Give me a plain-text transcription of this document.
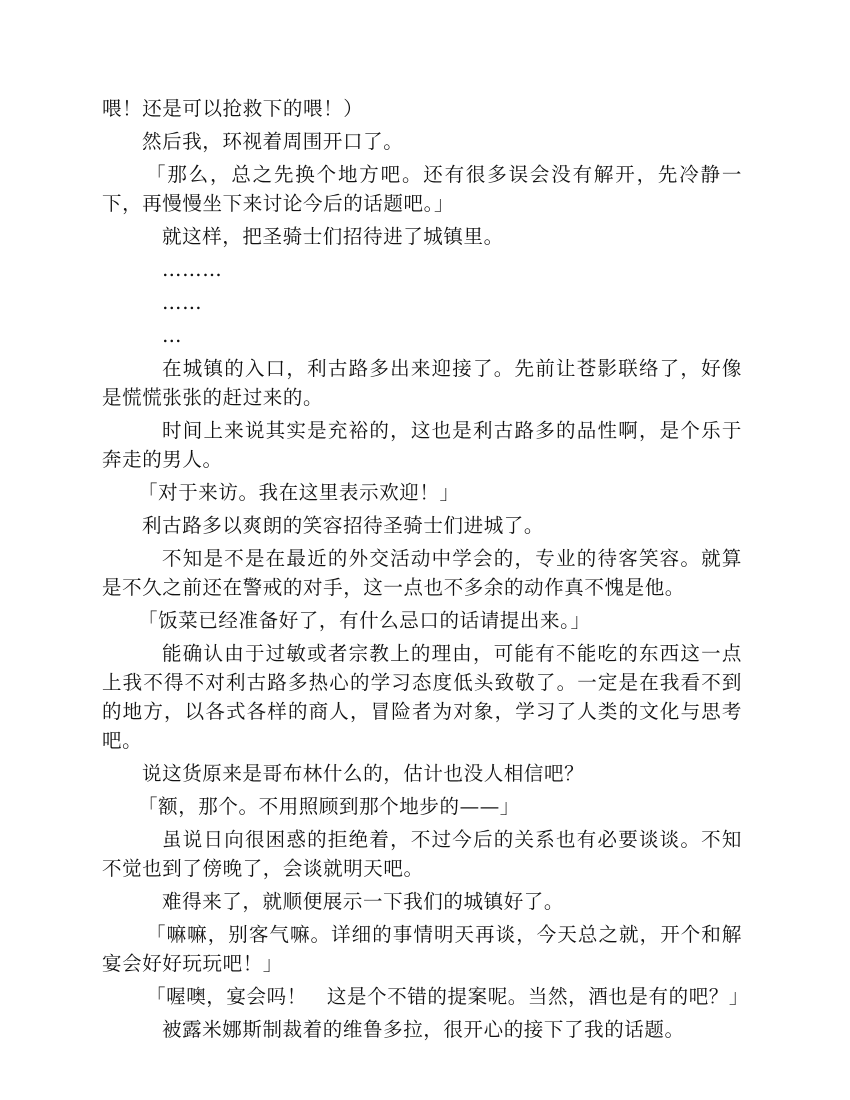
喂！还是可以抢救下的喂！）

然后我，环视着周围开口了。

「那么，总之先换个地方吧。还有很多误会没有解开，先冷静一下，再慢慢坐下来讨论今后的话题吧。」

就这样，把圣骑士们招待进了城镇里。

………

……

…

在城镇的入口，利古路多出来迎接了。先前让苍影联络了，好像是慌慌张张的赶过来的。

时间上来说其实是充裕的，这也是利古路多的品性啊，是个乐于奔走的男人。

「对于来访。我在这里表示欢迎！」

利古路多以爽朗的笑容招待圣骑士们进城了。

不知是不是在最近的外交活动中学会的，专业的待客笑容。就算是不久之前还在警戒的对手，这一点也不多余的动作真不愧是他。

「饭菜已经准备好了，有什么忌口的话请提出来。」

能确认由于过敏或者宗教上的理由，可能有不能吃的东西这一点上我不得不对利古路多热心的学习态度低头致敬了。一定是在我看不到的地方，以各式各样的商人，冒险者为对象，学习了人类的文化与思考吧。

说这货原来是哥布林什么的，估计也没人相信吧？

「额，那个。不用照顾到那个地步的——」

虽说日向很困惑的拒绝着，不过今后的关系也有必要谈谈。不知不觉也到了傍晚了，会谈就明天吧。

难得来了，就顺便展示一下我们的城镇好了。

「嘛嘛，别客气嘛。详细的事情明天再谈，今天总之就，开个和解宴会好好玩玩吧！」

「喔噢，宴会吗！　这是个不错的提案呢。当然，酒也是有的吧？」

被露米娜斯制裁着的维鲁多拉，很开心的接下了我的话题。
